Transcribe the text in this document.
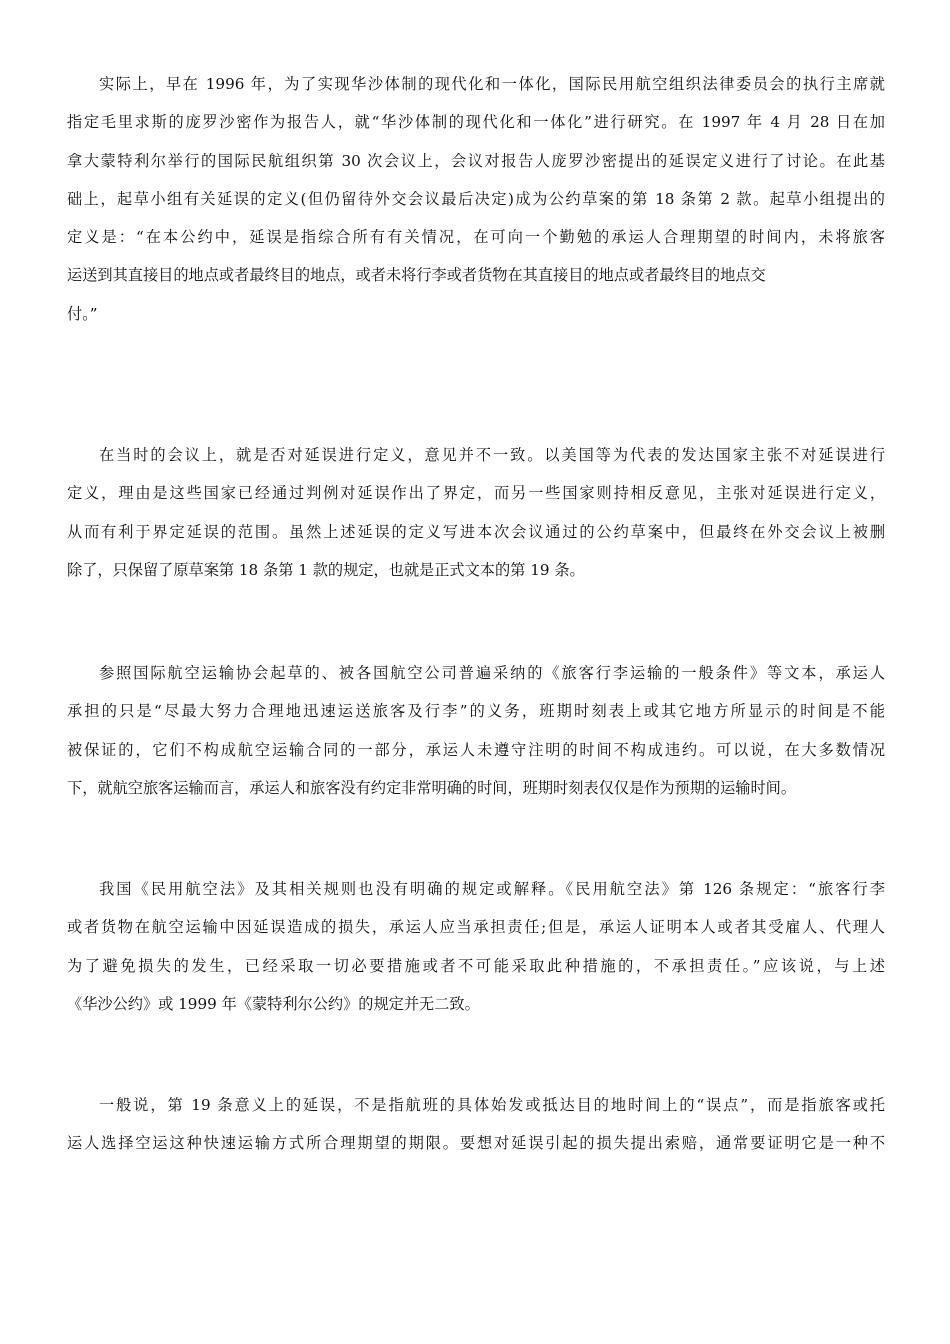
实际上，早在 1996 年，为了实现华沙体制的现代化和一体化，国际民用航空组织法律委员会的执行主席就
指定毛里求斯的庞罗沙密作为报告人，就“华沙体制的现代化和一体化”进行研究。在 1997 年 4 月 28 日在加
拿大蒙特利尔举行的国际民航组织第 30 次会议上，会议对报告人庞罗沙密提出的延误定义进行了讨论。在此基
础上，起草小组有关延误的定义(但仍留待外交会议最后决定)成为公约草案的第 18 条第 2 款。起草小组提出的
定义是：“在本公约中，延误是指综合所有有关情况，在可向一个勤勉的承运人合理期望的时间内，未将旅客
运送到其直接目的地点或者最终目的地点，或者未将行李或者货物在其直接目的地点或者最终目的地点交
付。”

在当时的会议上，就是否对延误进行定义，意见并不一致。以美国等为代表的发达国家主张不对延误进行
定义，理由是这些国家已经通过判例对延误作出了界定，而另一些国家则持相反意见，主张对延误进行定义，
从而有利于界定延误的范围。虽然上述延误的定义写进本次会议通过的公约草案中，但最终在外交会议上被删
除了，只保留了原草案第 18 条第 1 款的规定，也就是正式文本的第 19 条。

参照国际航空运输协会起草的、被各国航空公司普遍采纳的《旅客行李运输的一般条件》等文本，承运人
承担的只是“尽最大努力合理地迅速运送旅客及行李”的义务，班期时刻表上或其它地方所显示的时间是不能
被保证的，它们不构成航空运输合同的一部分，承运人未遵守注明的时间不构成违约。可以说，在大多数情况
下，就航空旅客运输而言，承运人和旅客没有约定非常明确的时间，班期时刻表仅仅是作为预期的运输时间。

我国《民用航空法》及其相关规则也没有明确的规定或解释。《民用航空法》第 126 条规定：“旅客行李
或者货物在航空运输中因延误造成的损失，承运人应当承担责任;但是，承运人证明本人或者其受雇人、代理人
为了避免损失的发生，已经采取一切必要措施或者不可能采取此种措施的，不承担责任。”应该说，与上述
《华沙公约》或 1999 年《蒙特利尔公约》的规定并无二致。

一般说，第 19 条意义上的延误，不是指航班的具体始发或抵达目的地时间上的“误点”，而是指旅客或托
运人选择空运这种快速运输方式所合理期望的期限。要想对延误引起的损失提出索赔，通常要证明它是一种不
